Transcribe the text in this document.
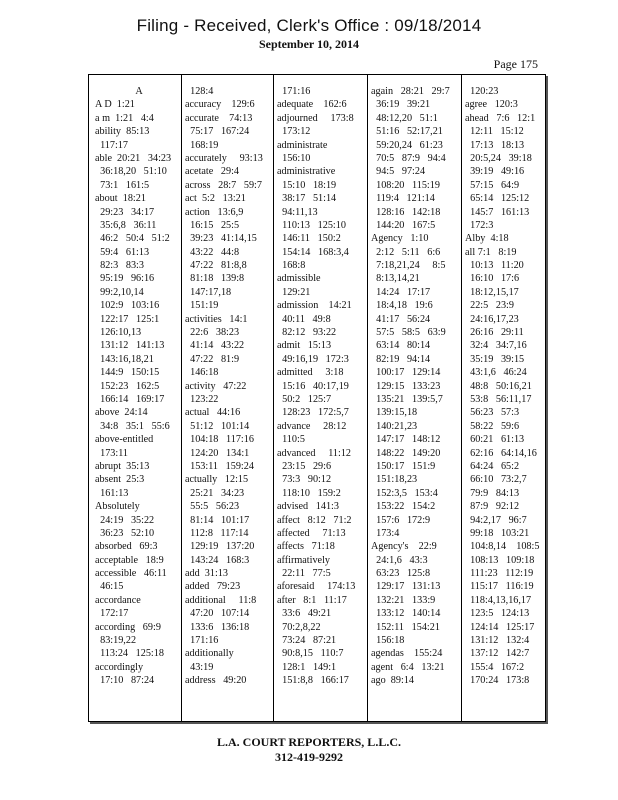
Filing - Received, Clerk's Office : 09/18/2014
September 10, 2014
Page 175
A
A D  1:21
a m  1:21   4:4
ability  85:13
117:17
able  20:21   34:23
36:18,20   51:10
73:1   161:5
about  18:21
29:23   34:17
35:6,8   36:11
46:2   50:4   51:2
59:4   61:13
82:3   83:3
95:19   96:16
99:2,10,14
102:9   103:16
122:17   125:1
126:10,13
131:12   141:13
143:16,18,21
144:9   150:15
152:23   162:5
166:14   169:17
above  24:14
34:8   35:1   55:6
above-entitled
173:11
abrupt  35:13
absent  25:3
161:13
Absolutely
24:19   35:22
36:23   52:10
absorbed   69:3
acceptable   18:9
accessible   46:11
46:15
accordance
172:17
according   69:9
83:19,22
113:24   125:18
accordingly
17:10   87:24
128:4
accuracy    129:6
accurate    74:13
75:17   167:24
168:19
accurately     93:13
acetate   29:4
across   28:7   59:7
act  5:2   13:21
action   13:6,9
16:15   25:5
39:23   41:14,15
43:22   44:8
47:22   81:8,8
81:18   139:8
147:17,18
151:19
activities   14:1
22:6   38:23
41:14   43:22
47:22   81:9
146:18
activity   47:22
123:22
actual   44:16
51:12   101:14
104:18   117:16
124:20   134:1
153:11   159:24
actually   12:15
25:21   34:23
55:5   56:23
81:14   101:17
112:8   117:14
129:19   137:20
143:24   168:3
add  31:13
added   79:23
additional     11:8
47:20   107:14
133:6   136:18
171:16
additionally
43:19
address   49:20
171:16
adequate    162:6
adjourned     173:8
173:12
administrate
156:10
administrative
15:10   18:19
38:17   51:14
94:11,13
110:13   125:10
146:11   150:2
154:14   168:3,4
168:8
admissible
129:21
admission    14:21
40:11   49:8
82:12   93:22
admit   15:13
49:16,19   172:3
admitted     3:18
15:16   40:17,19
50:2   125:7
128:23   172:5,7
advance     28:12
110:5
advanced     11:12
23:15   29:6
73:3   90:12
118:10   159:2
advised   141:3
affect   8:12   71:2
affected     71:13
affects   71:18
affirmatively
22:11   77:5
aforesaid     174:13
after   8:1   11:17
33:6   49:21
70:2,8,22
73:24   87:21
90:8,15   110:7
128:1   149:1
151:8,8   166:17
again   28:21   29:7
36:19   39:21
48:12,20   51:1
51:16   52:17,21
59:20,24   61:23
70:5   87:9   94:4
94:5   97:24
108:20   115:19
119:4   121:14
128:16   142:18
144:20   167:5
Agency   1:10
2:12   5:11   6:6
7:18,21,24     8:5
8:13,14,21
14:24   17:17
18:4,18   19:6
41:17   56:24
57:5   58:5   63:9
63:14   80:14
82:19   94:14
100:17   129:14
129:15   133:23
135:21   139:5,7
139:15,18
140:21,23
147:17   148:12
148:22   149:20
150:17   151:9
151:18,23
152:3,5   153:4
153:22   154:2
157:6   172:9
173:4
Agency's    22:9
24:1,6   43:3
63:23   125:8
129:17   131:13
132:21   133:9
133:12   140:14
152:11   154:21
156:18
agendas    155:24
agent   6:4   13:21
ago  89:14
120:23
agree   120:3
ahead   7:6   12:1
12:11   15:12
17:13   18:13
20:5,24   39:18
39:19   49:16
57:15   64:9
65:14   125:12
145:7   161:13
172:3
Alby  4:18
all 7:1   8:19
10:13   11:20
16:10   17:6
18:12,15,17
22:5   23:9
24:16,17,23
26:16   29:11
32:4   34:7,16
35:19   39:15
43:1,6   46:24
48:8   50:16,21
53:8   56:11,17
56:23   57:3
58:22   59:6
60:21   61:13
62:16   64:14,16
64:24   65:2
66:10   73:2,7
79:9   84:13
87:9   92:12
94:2,17   96:7
99:18   103:21
104:8,14    108:5
108:13   109:18
111:23   112:19
115:17   116:19
118:4,13,16,17
123:5   124:13
124:14   125:17
131:12   132:4
137:12   142:7
155:4   167:2
170:24   173:8
L.A. COURT REPORTERS, L.L.C.
312-419-9292
